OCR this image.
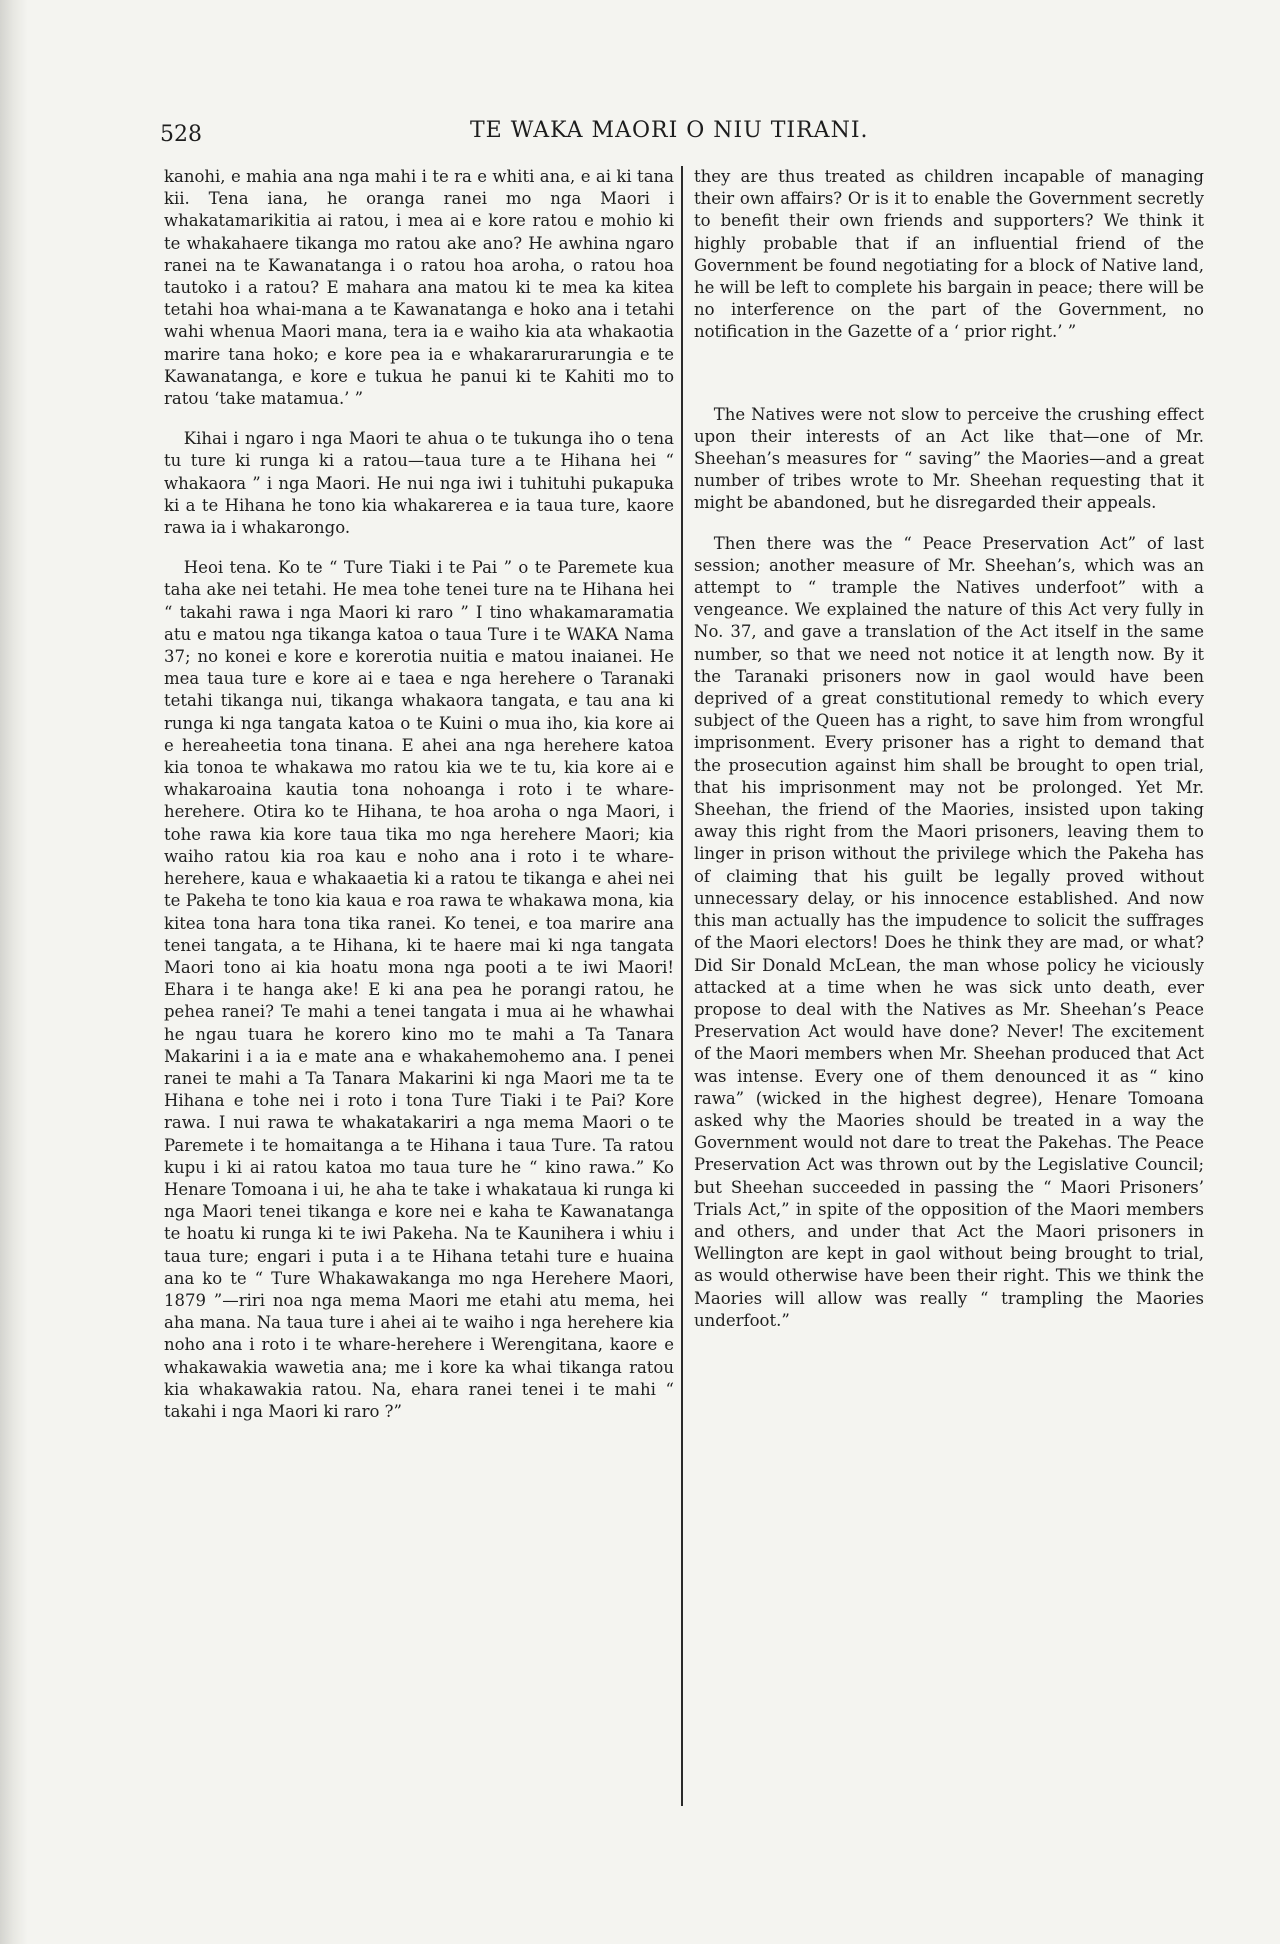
528	TE WAKA MAORI O NIU TIRANI.

kanohi, e mahia ana nga mahi i te ra e whiti ana, e ai ki tana kii. Tena iana, he oranga ranei mo nga Maori i whakatamarikitia ai ratou, i mea ai e kore ratou e mohio ki te whakahaere tikanga mo ratou ake ano? He awhina ngaro ranei na te Kawanatanga i o ratou hoa aroha, o ratou hoa tautoko i a ratou? E mahara ana matou ki te mea ka kitea tetahi hoa whai-mana a te Kawanatanga e hoko ana i tetahi wahi whenua Maori mana, tera ia e waiho kia ata whakaotia marire tana hoko; e kore pea ia e whakararurarungia e te Kawanatanga, e kore e tukua he panui ki te Kahiti mo to ratou ‘take matamua.’ ”

Kihai i ngaro i nga Maori te ahua o te tukunga iho o tena tu ture ki runga ki a ratou—taua ture a te Hihana hei “ whakaora ” i nga Maori. He nui nga iwi i tuhituhi pukapuka ki a te Hihana he tono kia whakarerea e ia taua ture, kaore rawa ia i whakarongo.

Heoi tena. Ko te “ Ture Tiaki i te Pai ” o te Paremete kua taha ake nei tetahi. He mea tohe tenei ture na te Hihana hei “ takahi rawa i nga Maori ki raro ” I tino whakamaramatia atu e matou nga tikanga katoa o taua Ture i te WAKA Nama 37; no konei e kore e korerotia nuitia e matou inaianei. He mea taua ture e kore ai e taea e nga herehere o Taranaki tetahi tikanga nui, tikanga whakaora tangata, e tau ana ki runga ki nga tangata katoa o te Kuini o mua iho, kia kore ai e hereaheetia tona tinana. E ahei ana nga herehere katoa kia tonoa te whakawa mo ratou kia we te tu, kia kore ai e whakaroaina kautia tona nohoanga i roto i te whare-herehere. Otira ko te Hihana, te hoa aroha o nga Maori, i tohe rawa kia kore taua tika mo nga herehere Maori; kia waiho ratou kia roa kau e noho ana i roto i te whare-herehere, kaua e whakaaetia ki a ratou te tikanga e ahei nei te Pakeha te tono kia kaua e roa rawa te whakawa mona, kia kitea tona hara tona tika ranei. Ko tenei, e toa marire ana tenei tangata, a te Hihana, ki te haere mai ki nga tangata Maori tono ai kia hoatu mona nga pooti a te iwi Maori! Ehara i te hanga ake! E ki ana pea he porangi ratou, he pehea ranei? Te mahi a tenei tangata i mua ai he whawhai he ngau tuara he korero kino mo te mahi a Ta Tanara Makarini i a ia e mate ana e whakahemohemo ana. I penei ranei te mahi a Ta Tanara Makarini ki nga Maori me ta te Hihana e tohe nei i roto i tona Ture Tiaki i te Pai? Kore rawa. I nui rawa te whakatakariri a nga mema Maori o te Paremete i te homaitanga a te Hihana i taua Ture. Ta ratou kupu i ki ai ratou katoa mo taua ture he “ kino rawa.” Ko Henare Tomoana i ui, he aha te take i whakataua ki runga ki nga Maori tenei tikanga e kore nei e kaha te Kawanatanga te hoatu ki runga ki te iwi Pakeha. Na te Kaunihera i whiu i taua ture; engari i puta i a te Hihana tetahi ture e huaina ana ko te “ Ture Whakawakanga mo nga Herehere Maori, 1879 ”—riri noa nga mema Maori me etahi atu mema, hei aha mana. Na taua ture i ahei ai te waiho i nga herehere kia noho ana i roto i te whare-herehere i Werengitana, kaore e whakawakia wawetia ana; me i kore ka whai tikanga ratou kia whakawakia ratou. Na, ehara ranei tenei i te mahi “ takahi i nga Maori ki raro ?”

they are thus treated as children incapable of managing their own affairs? Or is it to enable the Government secretly to benefit their own friends and supporters? We think it highly probable that if an influential friend of the Government be found negotiating for a block of Native land, he will be left to complete his bargain in peace; there will be no interference on the part of the Government, no notification in the Gazette of a ‘ prior right.’ ”

The Natives were not slow to perceive the crushing effect upon their interests of an Act like that—one of Mr. Sheehan’s measures for “ saving” the Maories—and a great number of tribes wrote to Mr. Sheehan requesting that it might be abandoned, but he disregarded their appeals.

Then there was the “ Peace Preservation Act” of last session; another measure of Mr. Sheehan’s, which was an attempt to “ trample the Natives underfoot” with a vengeance. We explained the nature of this Act very fully in No. 37, and gave a translation of the Act itself in the same number, so that we need not notice it at length now. By it the Taranaki prisoners now in gaol would have been deprived of a great constitutional remedy to which every subject of the Queen has a right, to save him from wrongful imprisonment. Every prisoner has a right to demand that the prosecution against him shall be brought to open trial, that his imprisonment may not be prolonged. Yet Mr. Sheehan, the friend of the Maories, insisted upon taking away this right from the Maori prisoners, leaving them to linger in prison without the privilege which the Pakeha has of claiming that his guilt be legally proved without unnecessary delay, or his innocence established. And now this man actually has the impudence to solicit the suffrages of the Maori electors! Does he think they are mad, or what? Did Sir Donald McLean, the man whose policy he viciously attacked at a time when he was sick unto death, ever propose to deal with the Natives as Mr. Sheehan’s Peace Preservation Act would have done? Never! The excitement of the Maori members when Mr. Sheehan produced that Act was intense. Every one of them denounced it as “ kino rawa” (wicked in the highest degree), Henare Tomoana asked why the Maories should be treated in a way the Government would not dare to treat the Pakehas. The Peace Preservation Act was thrown out by the Legislative Council; but Sheehan succeeded in passing the “ Maori Prisoners’ Trials Act,” in spite of the opposition of the Maori members and others, and under that Act the Maori prisoners in Wellington are kept in gaol without being brought to trial, as would otherwise have been their right. This we think the Maories will allow was really “ trampling the Maories underfoot.”
